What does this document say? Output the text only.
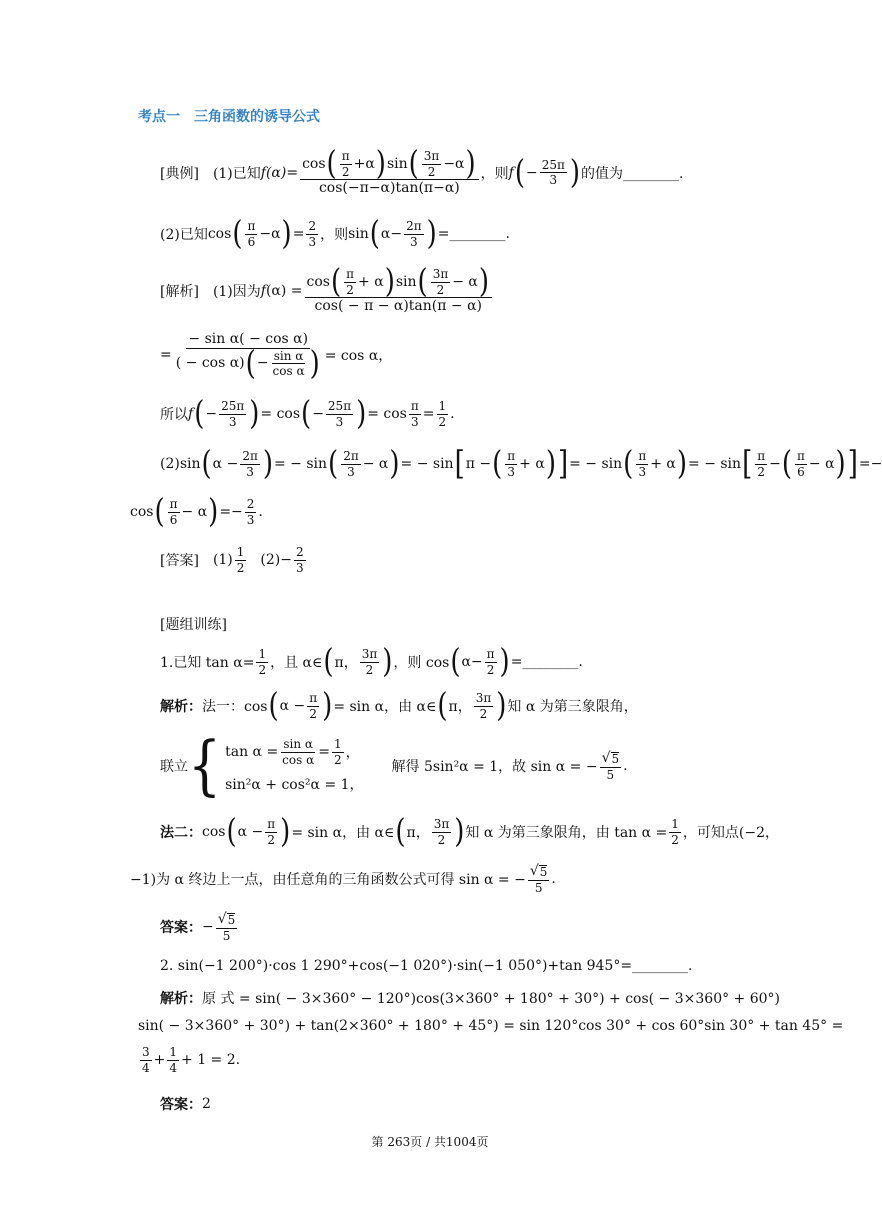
考点一　三角函数的诱导公式
[典例] (1)已知 $f(\alpha)= \frac{\cos ( \frac{\pi}{2} +\alpha ) \sin ( \frac{3\pi}{2} -\alpha )}{\cos(-\pi-\alpha)\tan(\pi-\alpha)}$ ，则 f ( − $\frac{25\pi}{3}$ ) 的值为________.
(2)已知 cos ( $\frac{\pi}{6} -\alpha$ ) = $\frac{2}{3}$ ，则 sin ( $\alpha- \frac{2\pi}{3}$ ) =________.
[解析] (1)因为 f $(\alpha) = \frac{\cos ( \frac{\pi}{2} + \alpha ) \sin ( \frac{3\pi}{2} - \alpha )}{\cos( - \pi - \alpha)\tan(\pi - \alpha)}$
= $\frac{\text{− sin α( − cos α)}}{( - \cos \alpha) ( - \frac{\text{sin α}}{\text{cos α}} )} = \cos \alpha$，
所以 f ( − $\frac{25\pi}{3}$ ) = cos ( − $\frac{25\pi}{3}$ ) = $\cos \frac{\pi}{3} = \frac{1}{2}$ .
(2)sin ( $\alpha - \frac{2\pi}{3}$ ) = − sin ( $\frac{2\pi}{3} - \alpha$ ) = − sin [ π − ( $\frac{\pi}{3} + \alpha$ ) ] = − sin ( $\frac{\pi}{3} + \alpha$ ) = − sin [ $\frac{\pi}{2}$ − ( $\frac{\pi}{6} - \alpha$ ) ] = −
cos ( $\frac{\pi}{6} - \alpha$ ) = − $\frac{2}{3}$ .
[答案] $(1) \frac{1}{2} (2)- \frac{2}{3}$
[题组训练]
1.已知 $\tan \alpha= \frac{1}{2}$ ，且 α∈ ( π， $\frac{3\pi}{2}$ ) ，则 cos ( $\alpha- \frac{\pi}{2}$ ) =________.
解析： 法一：cos ( $\alpha - \frac{\pi}{2}$ ) = sin α，由 α∈ ( π， $\frac{3\pi}{2}$ ) 知 α 为第三象限角，
联立 { $\tan \alpha = \frac{\text{sin α}}{\text{cos α}} = \frac{1}{2}$ ，
sin²α + cos²α = 1，
解得 5sin²α = 1，故 sin α = − $\frac{√ 5}{5}$ .
法二： cos ( $\alpha - \frac{\pi}{2}$ ) = sin α，由 α∈ ( π， $\frac{3\pi}{2}$ ) 知 α 为第三象限角，由 $\tan \alpha = \frac{1}{2}$ ，可知点(−2，
−1)为 α 终边上一点，由任意角的三角函数公式可得 sin α = − $\frac{√ 5}{5}$ .
答案： − $\frac{√ 5}{5}$
2. sin(−1 200°)·cos 1 290°+cos(−1 020°)·sin(−1 050°)+tan 945°=________.
解析： 原 式 = sin( − 3×360° − 120°)cos(3×360° + 180° + 30°) + cos( − 3×360° + 60°)
sin( − 3×360° + 30°) + tan(2×360° + 180° + 45°) = sin 120°cos 30° + cos 60°sin 30° + tan 45° =
$\frac{3}{4} + \frac{1}{4} + 1 = 2$.
答案： 2
第 263页 / 共1004页
